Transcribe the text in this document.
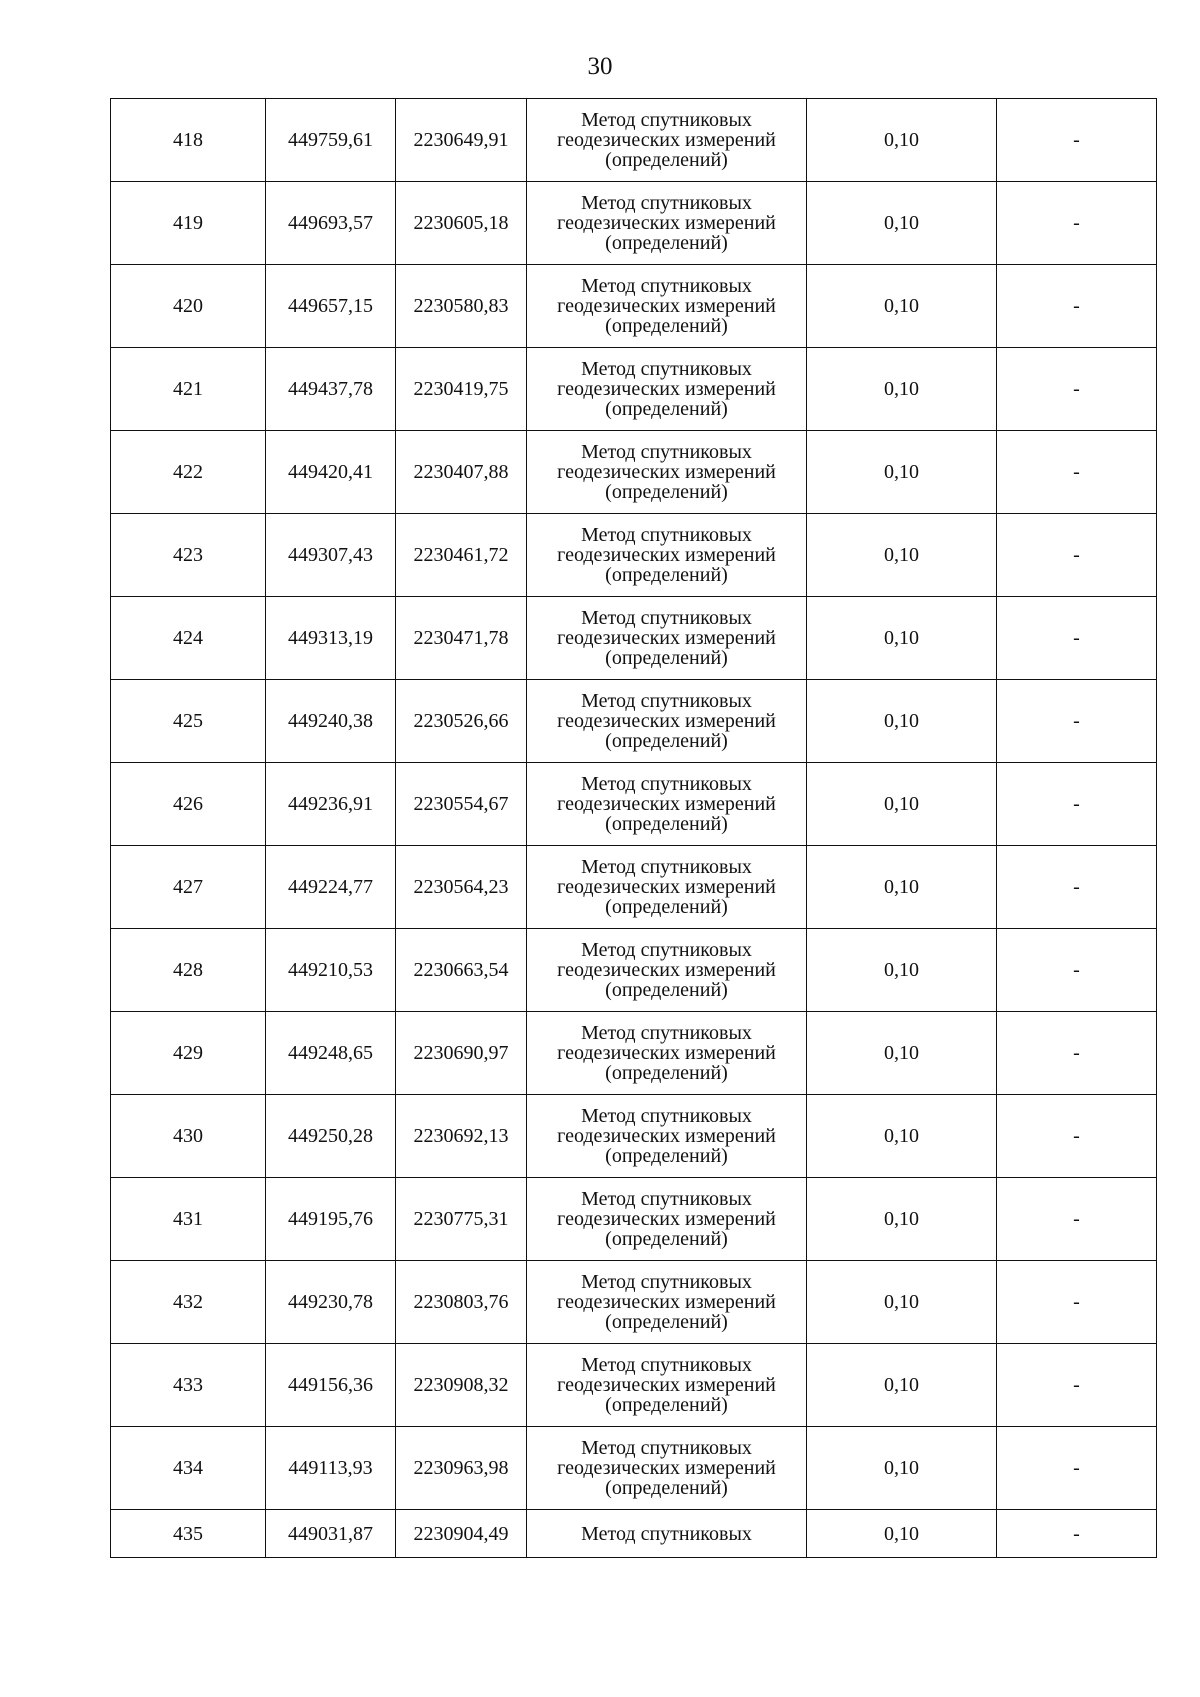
30
418	449759,61	2230649,91	Метод спутниковых геодезических измерений (определений)	0,10	-
419	449693,57	2230605,18	Метод спутниковых геодезических измерений (определений)	0,10	-
420	449657,15	2230580,83	Метод спутниковых геодезических измерений (определений)	0,10	-
421	449437,78	2230419,75	Метод спутниковых геодезических измерений (определений)	0,10	-
422	449420,41	2230407,88	Метод спутниковых геодезических измерений (определений)	0,10	-
423	449307,43	2230461,72	Метод спутниковых геодезических измерений (определений)	0,10	-
424	449313,19	2230471,78	Метод спутниковых геодезических измерений (определений)	0,10	-
425	449240,38	2230526,66	Метод спутниковых геодезических измерений (определений)	0,10	-
426	449236,91	2230554,67	Метод спутниковых геодезических измерений (определений)	0,10	-
427	449224,77	2230564,23	Метод спутниковых геодезических измерений (определений)	0,10	-
428	449210,53	2230663,54	Метод спутниковых геодезических измерений (определений)	0,10	-
429	449248,65	2230690,97	Метод спутниковых геодезических измерений (определений)	0,10	-
430	449250,28	2230692,13	Метод спутниковых геодезических измерений (определений)	0,10	-
431	449195,76	2230775,31	Метод спутниковых геодезических измерений (определений)	0,10	-
432	449230,78	2230803,76	Метод спутниковых геодезических измерений (определений)	0,10	-
433	449156,36	2230908,32	Метод спутниковых геодезических измерений (определений)	0,10	-
434	449113,93	2230963,98	Метод спутниковых геодезических измерений (определений)	0,10	-
435	449031,87	2230904,49	Метод спутниковых	0,10	-
